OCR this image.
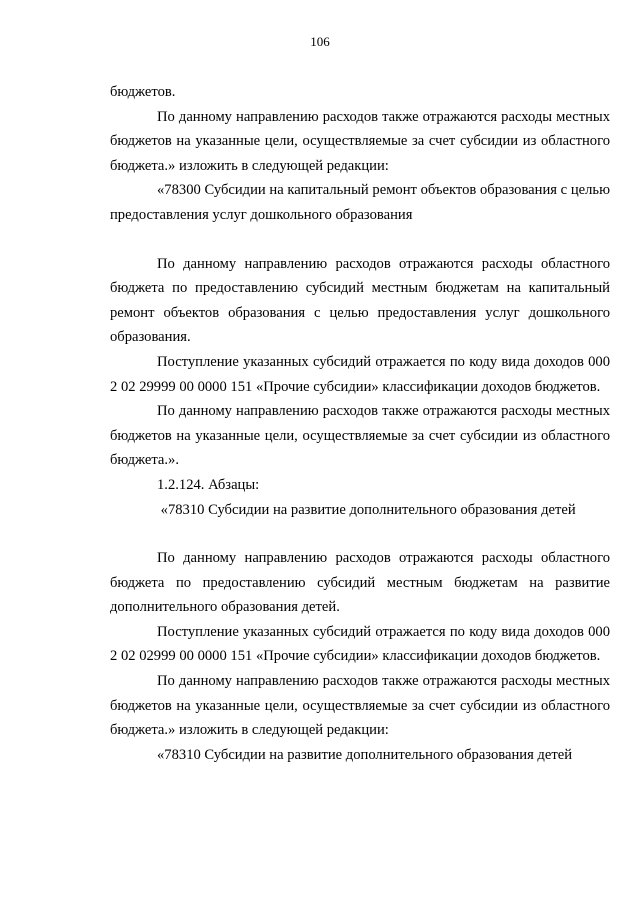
106

бюджетов.

По данному направлению расходов также отражаются расходы местных бюджетов на указанные цели, осуществляемые за счет субсидии из областного бюджета.» изложить в следующей редакции:

«78300 Субсидии на капитальный ремонт объектов образования с целью предоставления услуг дошкольного образования

По данному направлению расходов отражаются расходы областного бюджета по предоставлению субсидий местным бюджетам на капитальный ремонт объектов образования с целью предоставления услуг дошкольного образования.

Поступление указанных субсидий отражается по коду вида доходов 000 2 02 29999 00 0000 151 «Прочие субсидии» классификации доходов бюджетов.

По данному направлению расходов также отражаются расходы местных бюджетов на указанные цели, осуществляемые за счет субсидии из областного бюджета.».

1.2.124. Абзацы:

«78310 Субсидии на развитие дополнительного образования детей

По данному направлению расходов отражаются расходы областного бюджета по предоставлению субсидий местным бюджетам на развитие дополнительного образования детей.

Поступление указанных субсидий отражается по коду вида доходов 000 2 02 02999 00 0000 151 «Прочие субсидии» классификации доходов бюджетов.

По данному направлению расходов также отражаются расходы местных бюджетов на указанные цели, осуществляемые за счет субсидии из областного бюджета.» изложить в следующей редакции:

«78310 Субсидии на развитие дополнительного образования детей
